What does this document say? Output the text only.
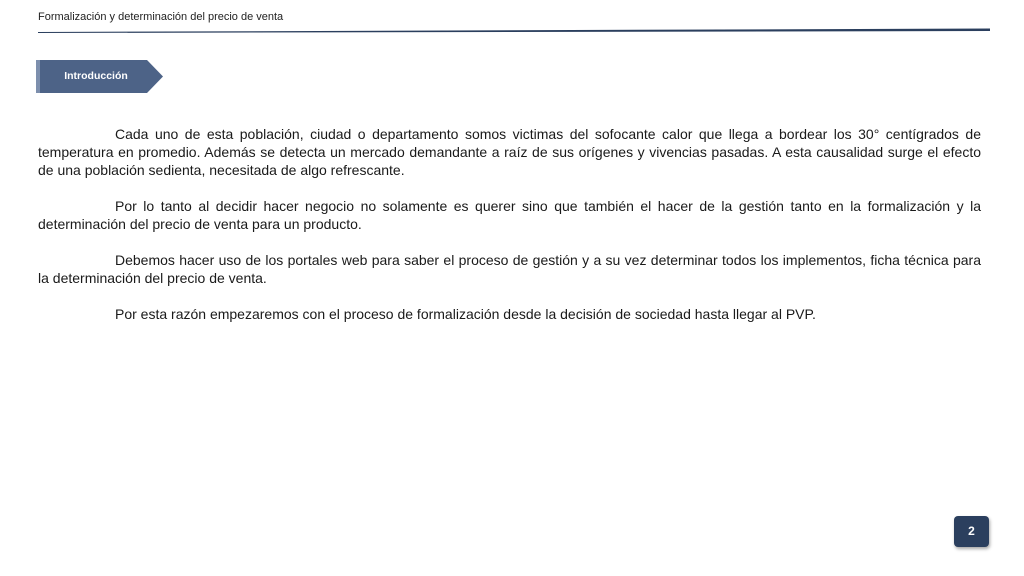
Formalización y determinación del precio de venta
Introducción

Cada uno de esta población, ciudad o departamento somos victimas del sofocante calor que llega a bordear los 30° centígrados de temperatura en promedio. Además se detecta un mercado demandante a raíz de sus orígenes y vivencias pasadas. A esta causalidad surge el efecto de una población sedienta, necesitada de algo refrescante.

Por lo tanto al decidir hacer negocio no solamente es querer sino que también el hacer de la gestión tanto en la formalización y la determinación del precio de venta para un producto.

Debemos hacer uso de los portales web para saber el proceso de gestión y a su vez determinar todos los implementos, ficha técnica para la determinación del precio de venta.

Por esta razón empezaremos con el proceso de formalización desde la decisión de sociedad hasta llegar al PVP.

2
